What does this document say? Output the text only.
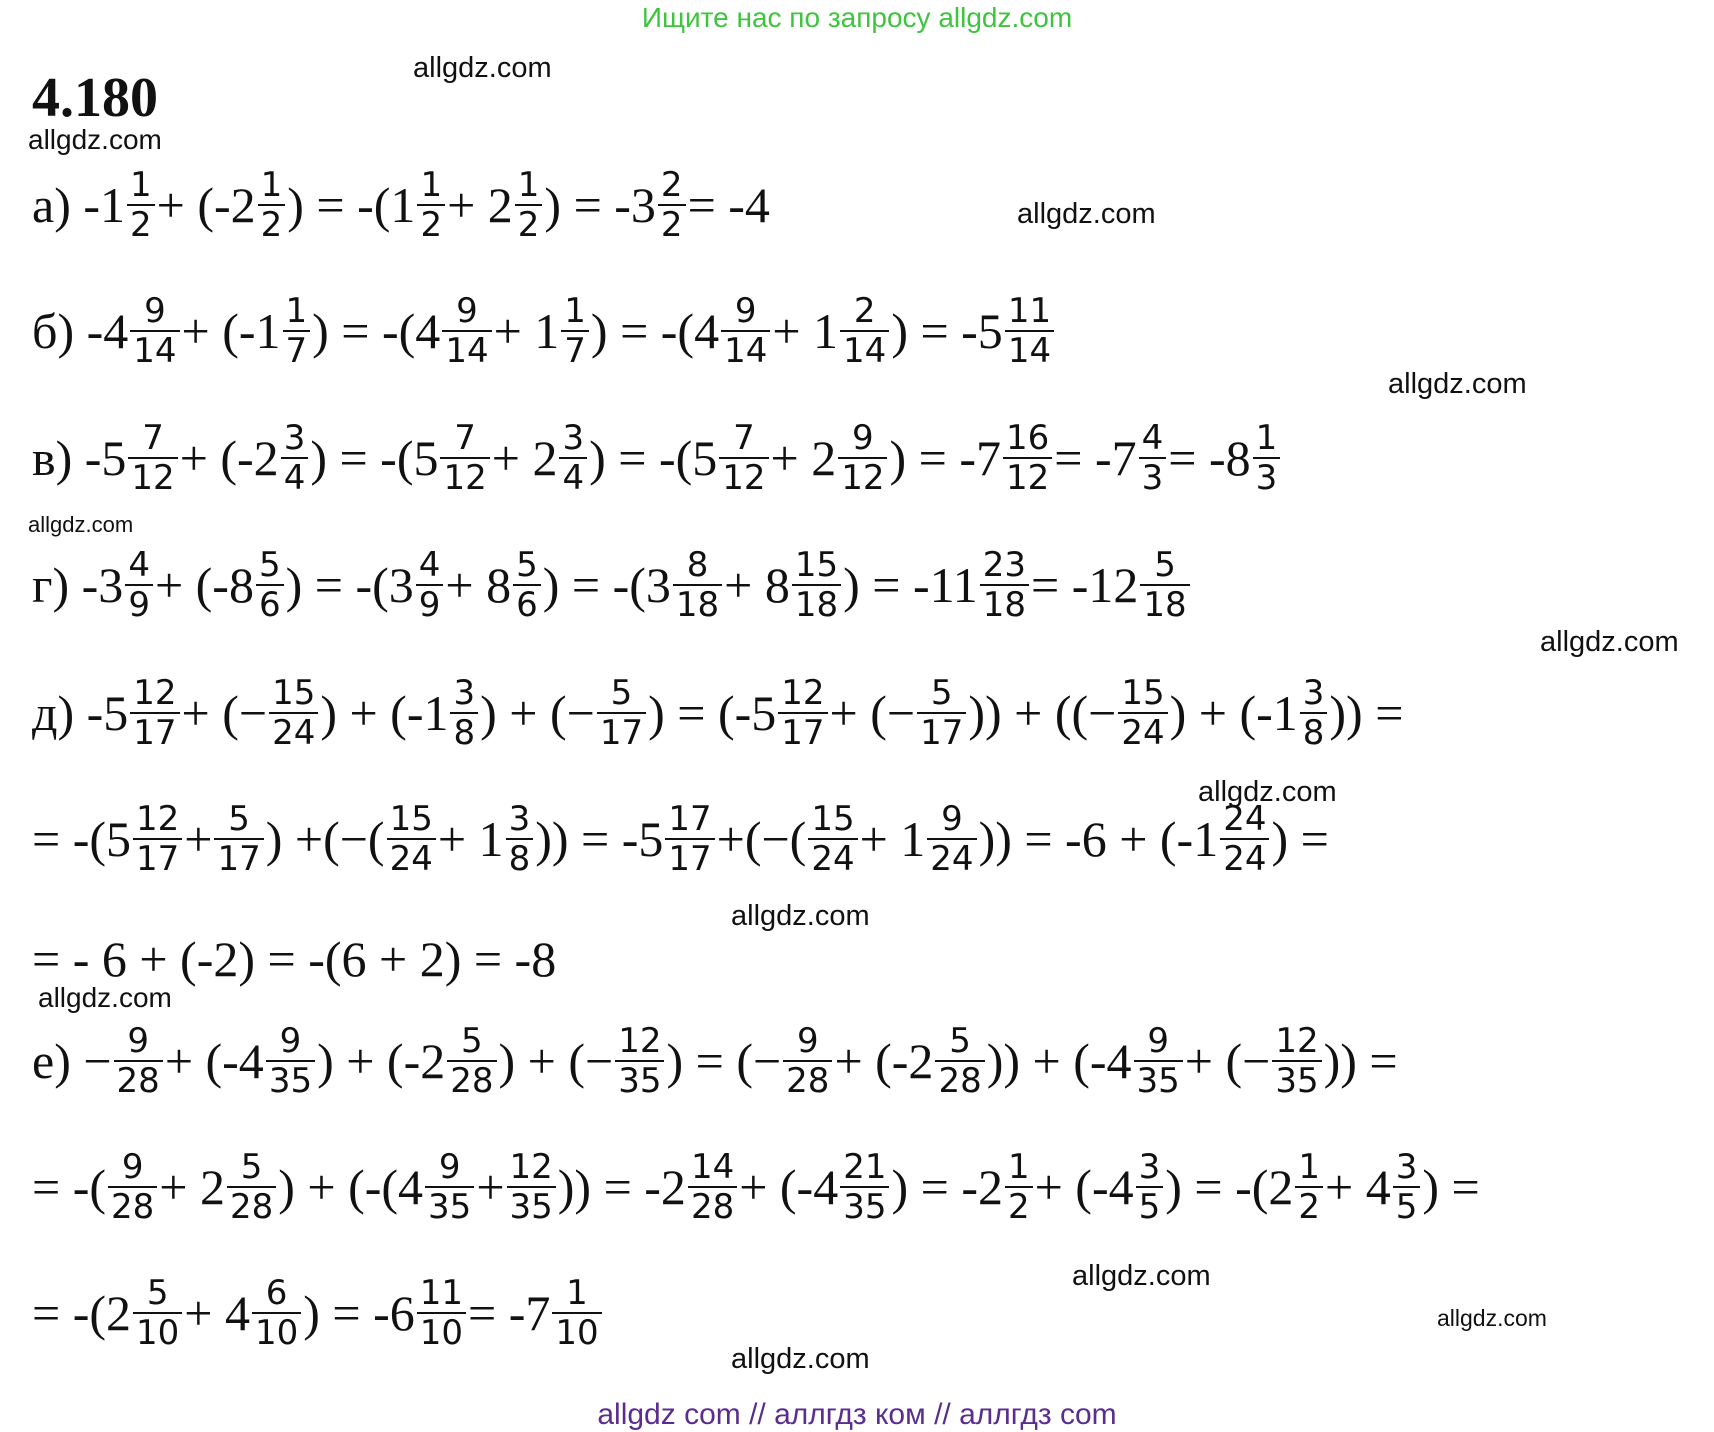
Ищите нас по запросу allgdz.com
4.180	allgdz.com
allgdz.com
allgdz.com
allgdz.com
allgdz.com
allgdz.com
allgdz.com
allgdz.com
allgdz.com
allgdz.com
allgdz.com
allgdz.com
а) $-1 \frac{1}{2} + (-2 \frac{1}{2}$ ) = $-(1 \frac{1}{2} + 2 \frac{1}{2}$ ) = $-3 \frac{2}{2} = -4$
б) $-4 \frac{9}{14} + (-1 \frac{1}{7}$ ) = $-(4 \frac{9}{14} + 1 \frac{1}{7}$ ) = $-(4 \frac{9}{14} + 1 \frac{2}{14}$ ) = $-5 \frac{11}{14}$
в) $-5 \frac{7}{12} + (-2 \frac{3}{4}$ ) = $-(5 \frac{7}{12} + 2 \frac{3}{4}$ ) = $-(5 \frac{7}{12} + 2 \frac{9}{12}$ ) = $-7 \frac{16}{12} = -7 \frac{4}{3} = -8 \frac{1}{3}$
г) $-3 \frac{4}{9} + (-8 \frac{5}{6}$ ) = $-(3 \frac{4}{9} + 8 \frac{5}{6}$ ) = $-(3 \frac{8}{18} + 8 \frac{15}{18}$ ) = $-11 \frac{23}{18} = -12 \frac{5}{18}$
д) $-5 \frac{12}{17}$ + (− $\frac{15}{24}$ ) + ($-1 \frac{3}{8}$ ) + (− $\frac{5}{17}$ ) = ($-5 \frac{12}{17}$ + (− $\frac{5}{17}$ )) + ((− $\frac{15}{24}$ ) + ($-1 \frac{3}{8}$ )) =
= $-(5 \frac{12}{17} + \frac{5}{17}$ ) +(−( $\frac{15}{24} + 1 \frac{3}{8}$ )) = $-5 \frac{17}{17}$ +(−( $\frac{15}{24} + 1 \frac{9}{24}$ )) = $-6 + (-1 \frac{24}{24}$ ) =
= - 6 + (-2) = -(6 + 2) = -8
$е) - \frac{9}{28} + (-4 \frac{9}{35}$ ) + ($-2 \frac{5}{28}$ ) + (− $\frac{12}{35}$ ) = (− $\frac{9}{28} + (-2 \frac{5}{28}$ )) + ($-4 \frac{9}{35}$ + (− $\frac{12}{35}$ )) =
= -( $\frac{9}{28} + 2 \frac{5}{28}$ ) + ($-(4 \frac{9}{35} + \frac{12}{35}$ )) = $-2 \frac{14}{28} + (-4 \frac{21}{35}$ ) = $-2 \frac{1}{2} + (-4 \frac{3}{5}$ ) = $-(2 \frac{1}{2} + 4 \frac{3}{5}$ ) =
= $-(2 \frac{5}{10} + 4 \frac{6}{10}$ ) = $-6 \frac{11}{10} = -7 \frac{1}{10}$
allgdz com // аллгдз ком // аллгдз com
